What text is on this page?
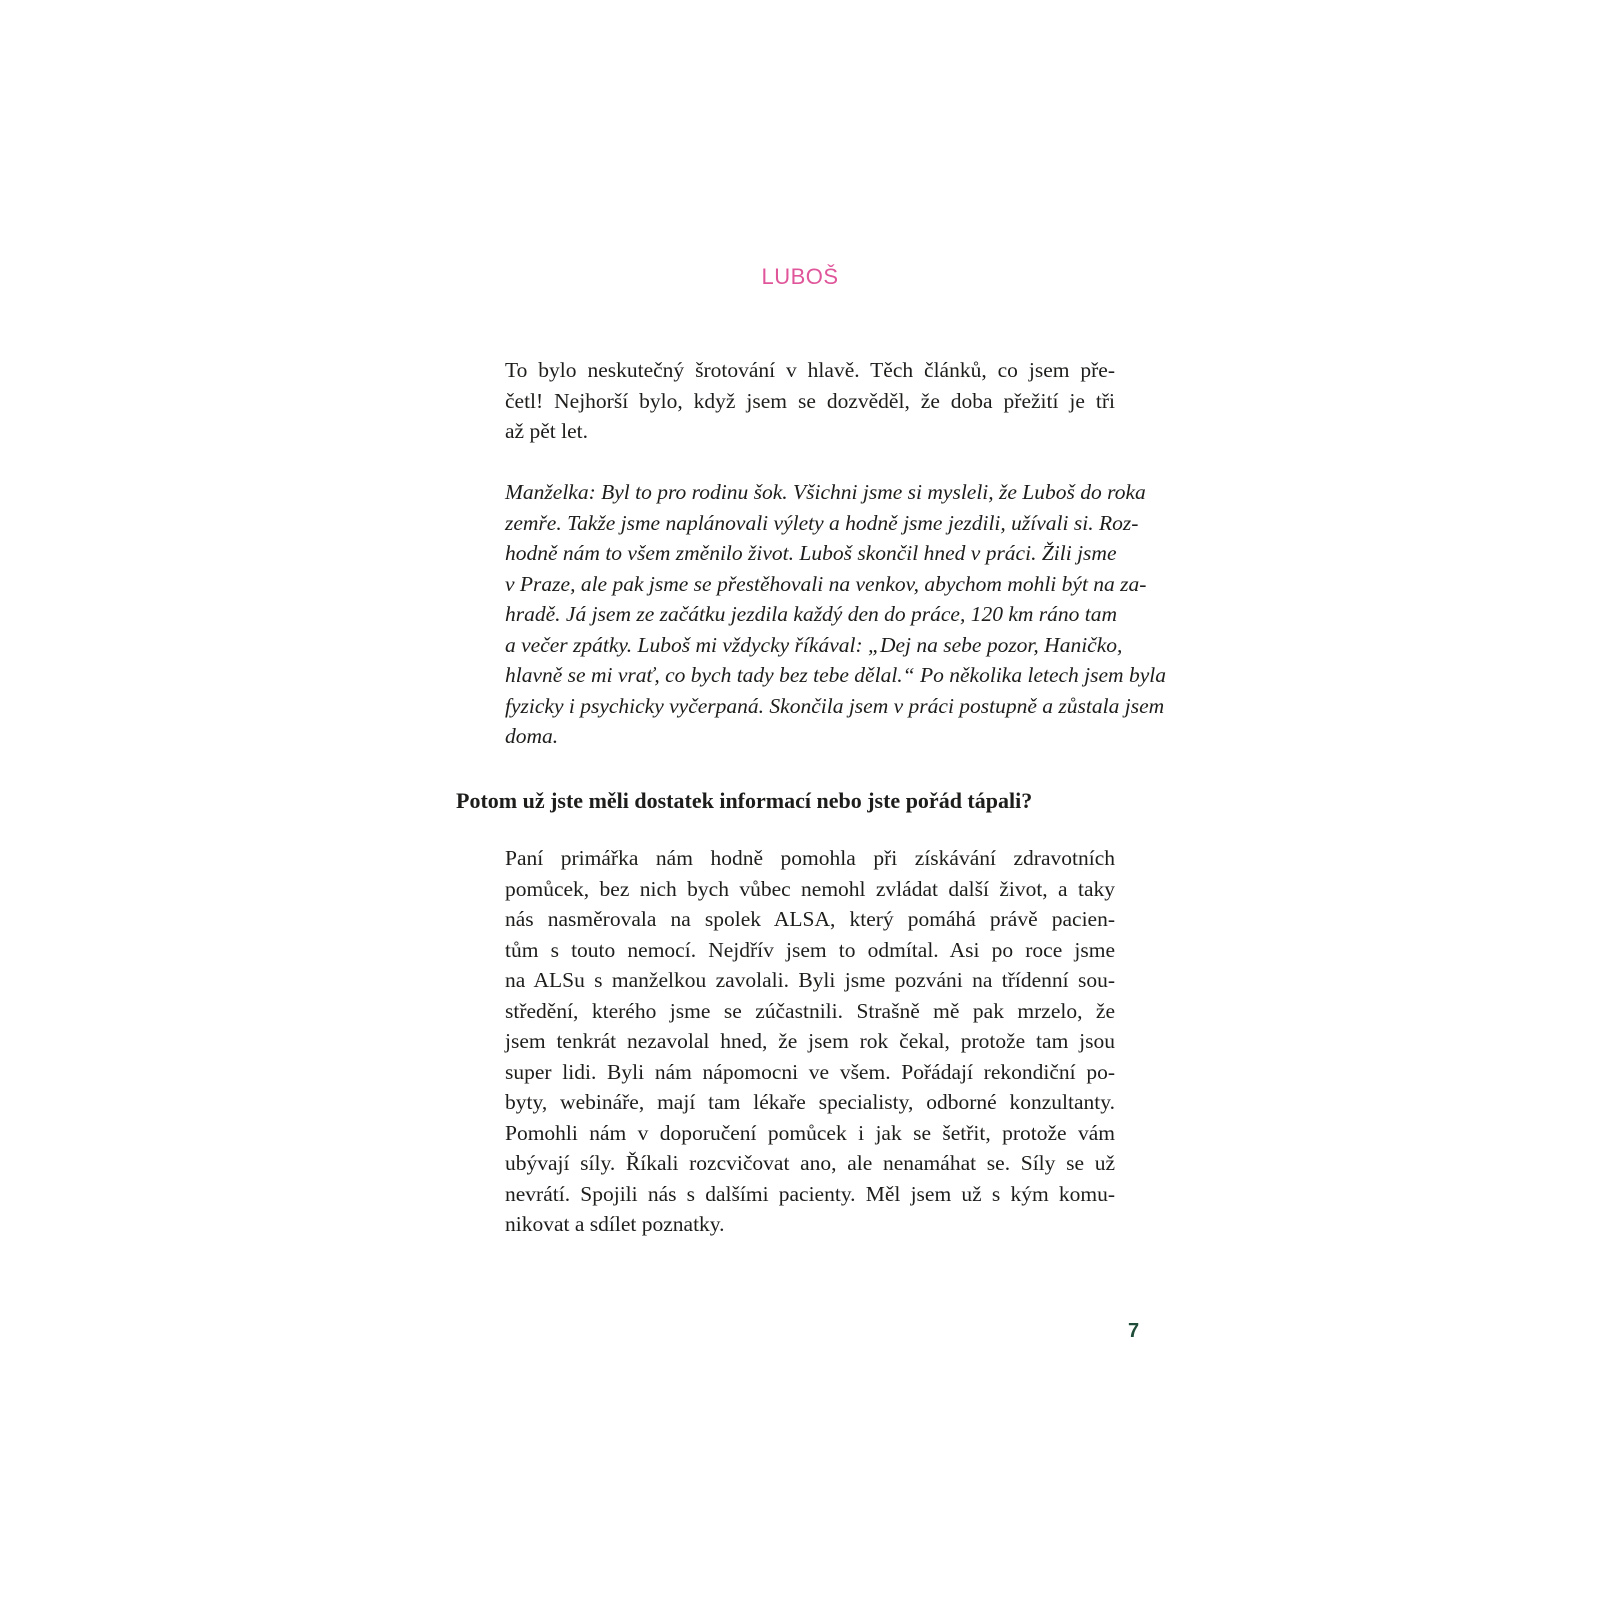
LUBOŠ
To bylo neskutečný šrotování v hlavě. Těch článků, co jsem pře-
četl! Nejhorší bylo, když jsem se dozvěděl, že doba přežití je tři
až pět let.
Manželka: Byl to pro rodinu šok. Všichni jsme si mysleli, že Luboš do roka
zemře. Takže jsme naplánovali výlety a hodně jsme jezdili, užívali si. Roz-
hodně nám to všem změnilo život. Luboš skončil hned v práci. Žili jsme
v Praze, ale pak jsme se přestěhovali na venkov, abychom mohli být na za-
hradě. Já jsem ze začátku jezdila každý den do práce, 120 km ráno tam
a večer zpátky. Luboš mi vždycky říkával: „Dej na sebe pozor, Haničko,
hlavně se mi vrať, co bych tady bez tebe dělal.“ Po několika letech jsem byla
fyzicky i psychicky vyčerpaná. Skončila jsem v práci postupně a zůstala jsem
doma.
Potom už jste měli dostatek informací nebo jste pořád tápali?
Paní primářka nám hodně pomohla při získávání zdravotních
pomůcek, bez nich bych vůbec nemohl zvládat další život, a taky
nás nasměrovala na spolek ALSA, který pomáhá právě pacien-
tům s touto nemocí. Nejdřív jsem to odmítal. Asi po roce jsme
na ALSu s manželkou zavolali. Byli jsme pozváni na třídenní sou-
středění, kterého jsme se zúčastnili. Strašně mě pak mrzelo, že
jsem tenkrát nezavolal hned, že jsem rok čekal, protože tam jsou
super lidi. Byli nám nápomocni ve všem. Pořádají rekondiční po-
byty, webináře, mají tam lékaře specialisty, odborné konzultanty.
Pomohli nám v doporučení pomůcek i jak se šetřit, protože vám
ubývají síly. Říkali rozcvičovat ano, ale nenamáhat se. Síly se už
nevrátí. Spojili nás s dalšími pacienty. Měl jsem už s kým komu-
nikovat a sdílet poznatky.
7
